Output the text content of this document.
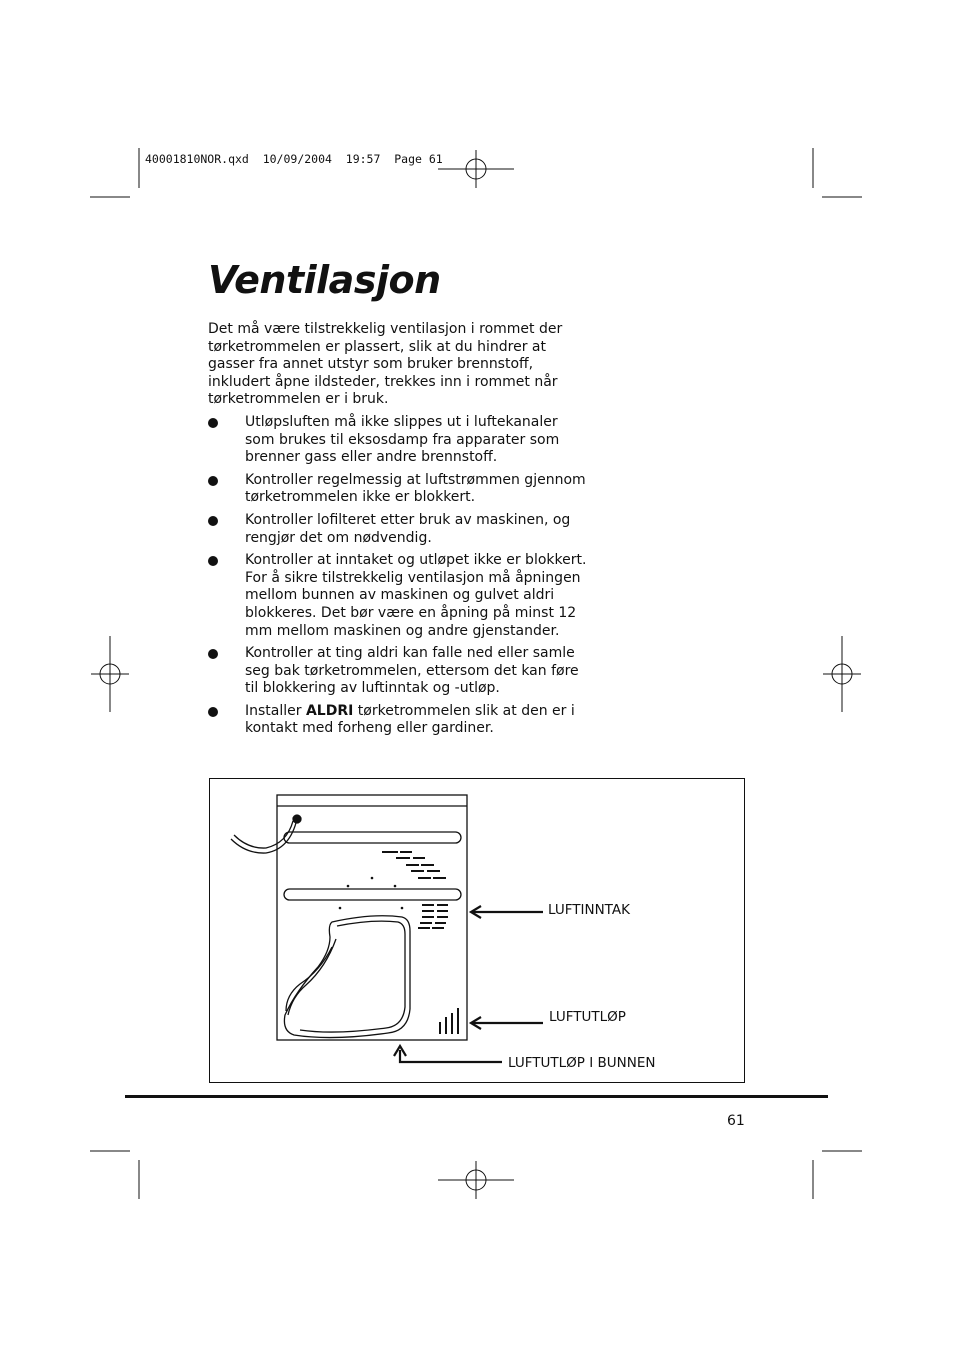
40001810NOR.qxd  10/09/2004  19:57  Page 61
Ventilasjon

Det må være tilstrekkelig ventilasjon i rommet der tørketrommelen er plassert, slik at du hindrer at gasser fra annet utstyr som bruker brennstoff, inkludert åpne ildsteder, trekkes inn i rommet når tørketrommelen er i bruk.

Utløpsluften må ikke slippes ut i luftekanaler som brukes til eksosdamp fra apparater som brenner gass eller andre brennstoff.
Kontroller regelmessig at luftstrømmen gjennom tørketrommelen ikke er blokkert.
Kontroller lofilteret etter bruk av maskinen, og rengjør det om nødvendig.
Kontroller at inntaket og utløpet ikke er blokkert. For å sikre tilstrekkelig ventilasjon må åpningen mellom bunnen av maskinen og gulvet aldri blokkeres. Det bør være en åpning på minst 12 mm mellom maskinen og andre gjenstander.
Kontroller at ting aldri kan falle ned eller samle seg bak tørketrommelen, ettersom det kan føre til blokkering av luftinntak og -utløp.
Installer ALDRI tørketrommelen slik at den er i kontakt med forheng eller gardiner.
LUFTINNTAK
LUFTUTLØP
LUFTUTLØP I BUNNEN
61
